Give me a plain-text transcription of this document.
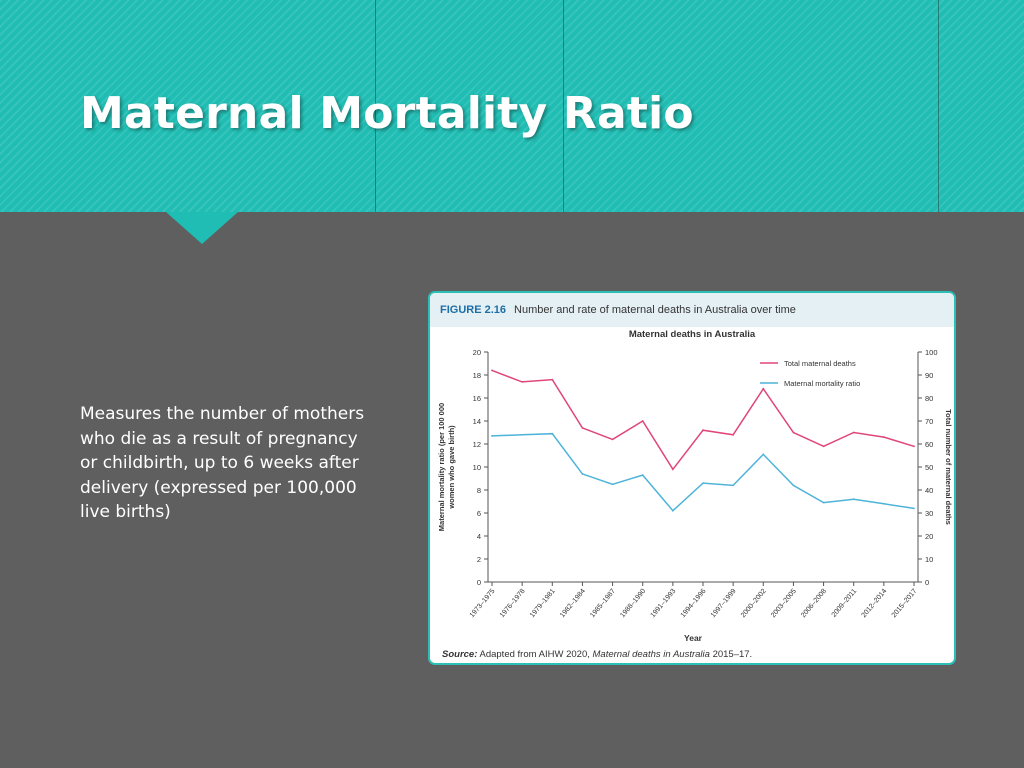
Maternal Mortality Ratio

Measures the number of mothers who die as a result of pregnancy or childbirth, up to 6 weeks after delivery (expressed per 100,000 live births)

FIGURE 2.16 Number and rate of maternal deaths in Australia over time
Maternal deaths in Australia
0
2
4
6
8
10
12
14
16
18
20
0
10
20
30
40
50
60
70
80
90
100
1973–1975 1976–1978 1979–1981 1982–1984 1985–1987 1988–1990 1991–1993 1994–1996 1997–1999 2000–2002 2003–2005 2006–2008 2009–2011 2012–2014 2015–2017
Year
Maternal mortality ratio (per 100 000women who gave birth)	Total number of maternal deaths
Total maternal deaths
Maternal mortality ratio
Source: Adapted from AIHW 2020, Maternal deaths in Australia 2015–17.
